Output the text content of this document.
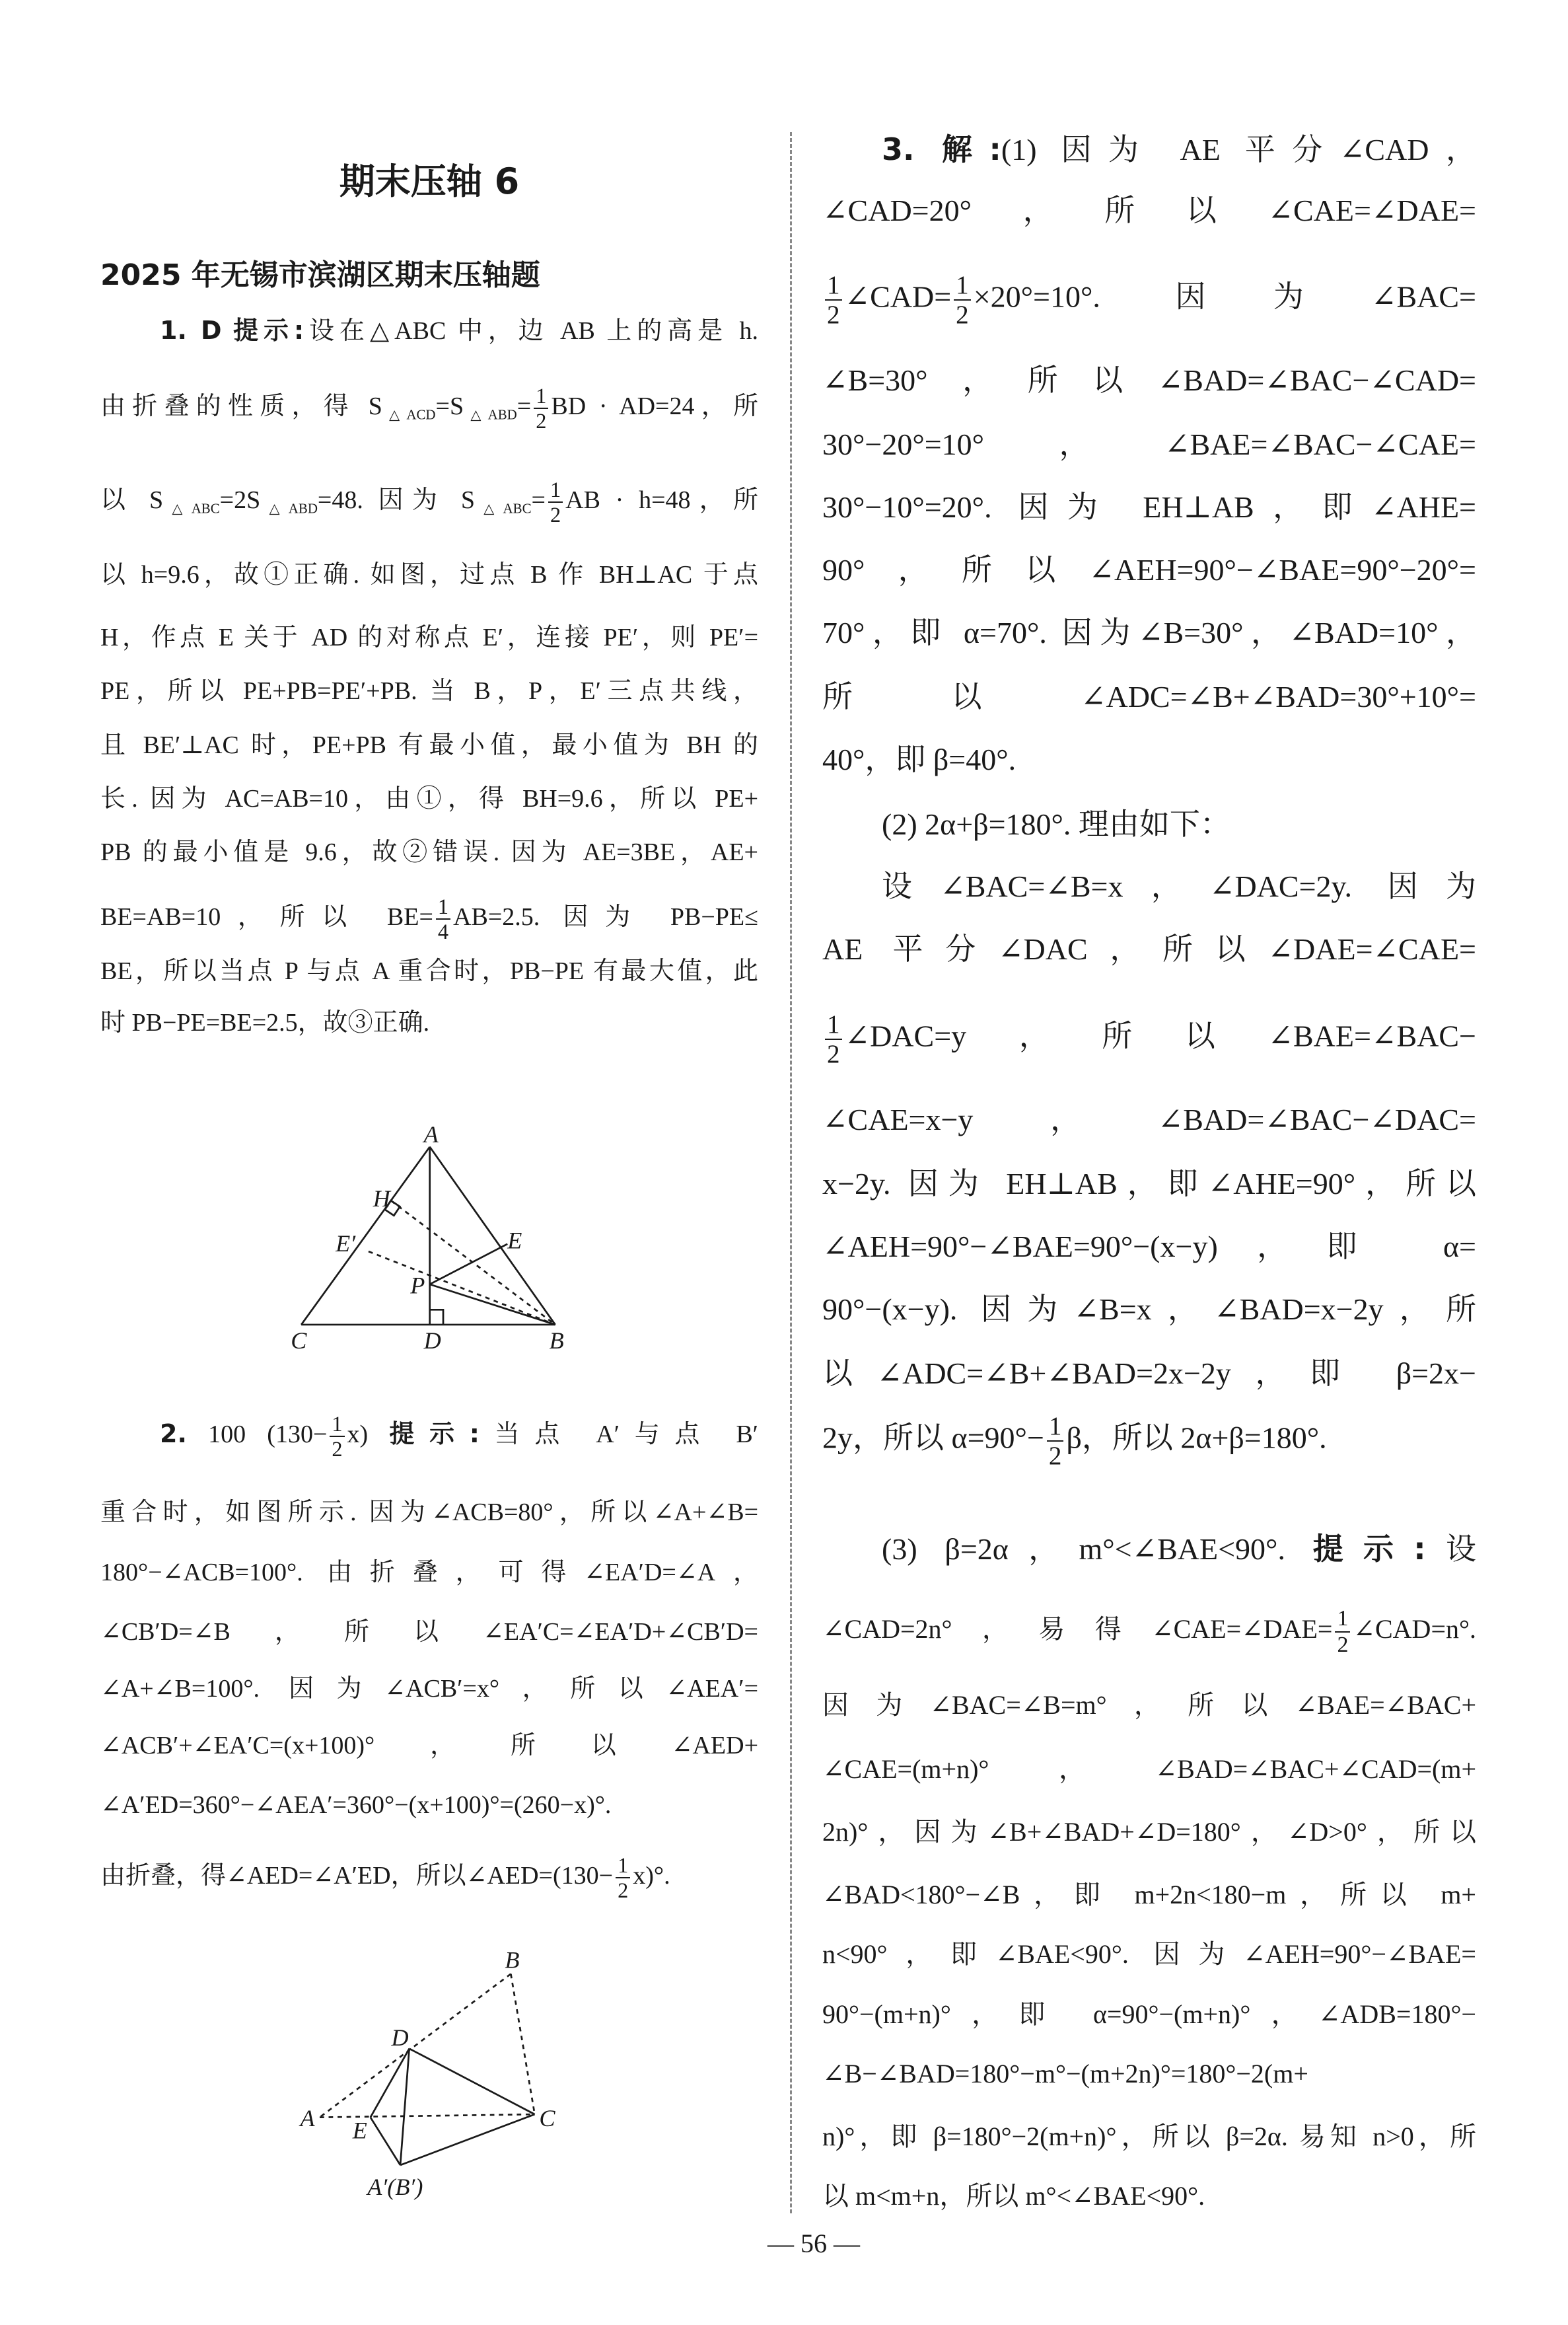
期末压轴 6
2025 年无锡市滨湖区期末压轴题
1. D 提示:设在△ABC 中，边 AB 上的高是 h.
由折叠的性质，得 $S_{\triangle ACD}=S_{\triangle ABD}= \frac{1}{2}$ BD · AD=24，所
以 $S_{\triangle ABC}=2S_{\triangle ABD}=48$. 因为 $S_{\triangle ABC}= \frac{1}{2}$ AB · h=48，所
以 h=9.6，故①正确. 如图，过点 B 作 BH⊥AC 于点
H，作点 E 关于 AD 的对称点 E′，连接 PE′，则 PE′=
PE，所以 PE+PB=PE′+PB. 当 B，P，E′三点共线，
且 BE′⊥AC 时，PE+PB 有最小值，最小值为 BH 的
长. 因为 AC=AB=10，由①，得 BH=9.6，所以 PE+
PB 的最小值是 9.6，故②错误. 因为 AE=3BE，AE+
BE=AB=10，所以 $BE= \frac{1}{4} AB=2.5$. 因为 PB−PE≤
BE，所以当点 P 与点 A 重合时，PB−PE 有最大值，此
时 PB−PE=BE=2.5，故③正确.
2. 100 $(130- \frac{1}{2} x)$ 提示:当点 A′与点 B′
重合时，如图所示. 因为∠ACB=80°，所以∠A+∠B=
180°−∠ACB=100°. 由折叠，可得∠EA′D=∠A，
∠CB′D=∠B，所以∠EA′C=∠EA′D+∠CB′D=
∠A+∠B=100°. 因为∠ACB′=x°，所以∠AEA′=
∠ACB′+∠EA′C=(x+100)°，所以∠AED+
∠A′ED=360°−∠AEA′=360°−(x+100)°=(260−x)°.
由折叠，得∠AED=∠A′ED，所以∠AED=(130− $\frac{1}{2} x)^\circ$.
3. 解:(1) 因为 AE 平分∠CAD，
∠CAD=20°，所以∠CAE=∠DAE=
$\frac{1}{2}$ ∠CAD= $\frac{1}{2} \times 20^\circ=10^\circ$. 因为∠BAC=
∠B=30°，所以∠BAD=∠BAC−∠CAD=
30°−20°=10°，∠BAE=∠BAC−∠CAE=
30°−10°=20°. 因为 EH⊥AB，即∠AHE=
90°，所以∠AEH=90°−∠BAE=90°−20°=
70°，即 α=70°. 因为∠B=30°，∠BAD=10°，
所以∠ADC=∠B+∠BAD=30°+10°=
40°，即 β=40°.
(2) 2α+β=180°. 理由如下：
设∠BAC=∠B=x，∠DAC=2y. 因为
AE 平分∠DAC，所以∠DAE=∠CAE=
$\frac{1}{2}$ ∠DAC=y，所以∠BAE=∠BAC−
∠CAE=x−y，∠BAD=∠BAC−∠DAC=
x−2y. 因为 EH⊥AB，即∠AHE=90°，所以
∠AEH=90°−∠BAE=90°−(x−y)，即 α=
90°−(x−y). 因为∠B=x，∠BAD=x−2y，所
以∠ADC=∠B+∠BAD=2x−2y，即 β=2x−
2y，所以 $\alpha=90^\circ- \frac{1}{2}$ β，所以 2α+β=180°.
(3) β=2α，m°<∠BAE<90°. 提示:设
∠CAD=2n°，易得∠CAE=∠DAE= $\frac{1}{2}$ ∠CAD=n°.
因为∠BAC=∠B=m°，所以∠BAE=∠BAC+
∠CAE=(m+n)°，∠BAD=∠BAC+∠CAD=(m+
2n)°，因为∠B+∠BAD+∠D=180°，∠D>0°，所以
∠BAD<180°−∠B，即 m+2n<180−m，所以 m+
n<90°，即∠BAE<90°. 因为∠AEH=90°−∠BAE=
90°−(m+n)°，即 α=90°−(m+n)°，∠ADB=180°−
∠B−∠BAD=180°−m°−(m+2n)°=180°−2(m+
n)°，即 β=180°−2(m+n)°，所以 β=2α. 易知 n>0，所
以 m<m+n，所以 m°<∠BAE<90°.
A
H
E′	E
P
C	D	B
B
D
A	E	C
A′(B′)
— 56 —
